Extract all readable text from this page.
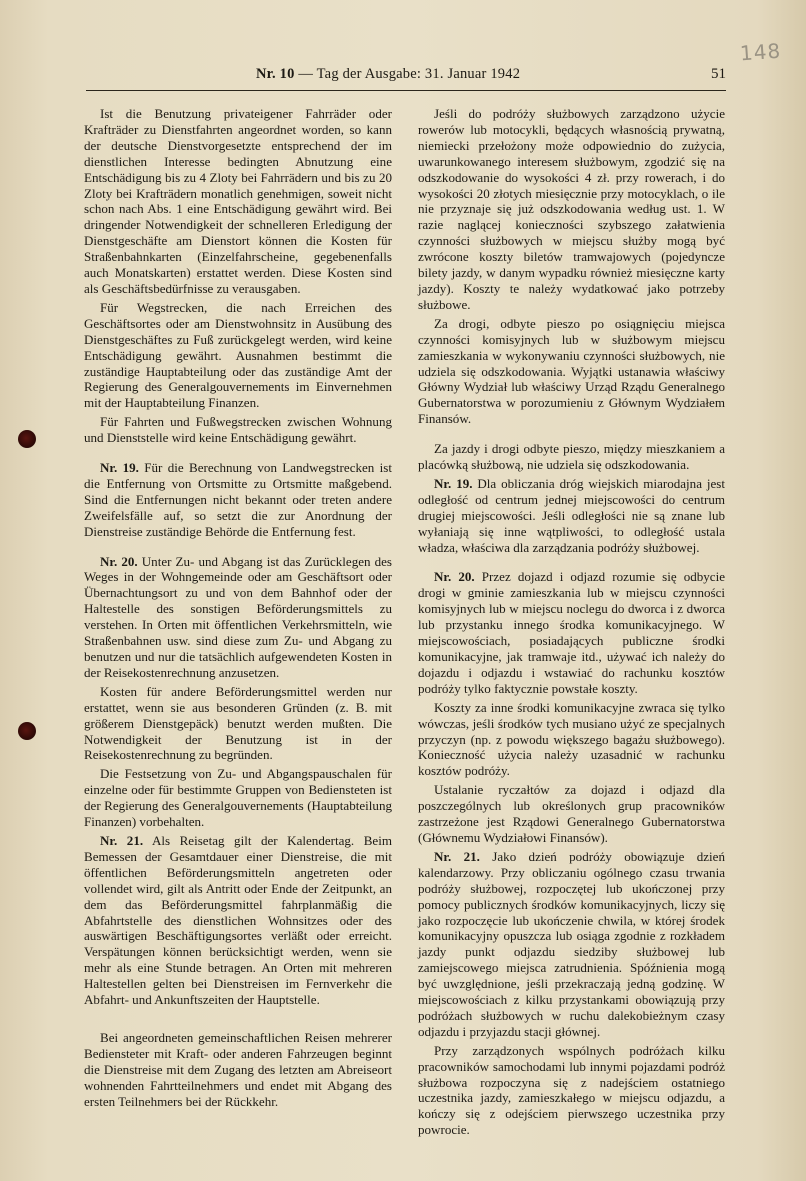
Nr. 10 — Tag der Ausgabe: 31. Januar 1942	51
148

Ist die Benutzung privateigener Fahrräder oder Krafträder zu Dienstfahrten angeordnet worden, so kann der deutsche Dienstvorgesetzte entsprechend der im dienstlichen Interesse bedingten Abnutzung eine Entschädigung bis zu 4 Zloty bei Fahrrädern und bis zu 20 Zloty bei Krafträdern monatlich genehmigen, soweit nicht schon nach Abs. 1 eine Entschädigung gewährt wird. Bei dringender Notwendigkeit der schnelleren Erledigung der Dienstgeschäfte am Dienstort können die Kosten für Straßenbahnkarten (Einzelfahrscheine, gegebenenfalls auch Monatskarten) erstattet werden. Diese Kosten sind als Geschäftsbedürfnisse zu verausgaben.

Für Wegstrecken, die nach Erreichen des Geschäftsortes oder am Dienstwohnsitz in Ausübung des Dienstgeschäftes zu Fuß zurückgelegt werden, wird keine Entschädigung gewährt. Ausnahmen bestimmt die zuständige Hauptabteilung oder das zuständige Amt der Regierung des Generalgouvernements im Einvernehmen mit der Hauptabteilung Finanzen.

Für Fahrten und Fußwegstrecken zwischen Wohnung und Dienststelle wird keine Entschädigung gewährt.

Nr. 19. Für die Berechnung von Landwegstrecken ist die Entfernung von Ortsmitte zu Ortsmitte maßgebend. Sind die Entfernungen nicht bekannt oder treten andere Zweifelsfälle auf, so setzt die zur Anordnung der Dienstreise zuständige Behörde die Entfernung fest.

Nr. 20. Unter Zu- und Abgang ist das Zurücklegen des Weges in der Wohngemeinde oder am Geschäftsort oder Übernachtungsort zu und von dem Bahnhof oder der Haltestelle des sonstigen Beförderungsmittels zu verstehen. In Orten mit öffentlichen Verkehrsmitteln, wie Straßenbahnen usw. sind diese zum Zu- und Abgang zu benutzen und nur die tatsächlich aufgewendeten Kosten in der Reisekostenrechnung anzusetzen.

Kosten für andere Beförderungsmittel werden nur erstattet, wenn sie aus besonderen Gründen (z. B. mit größerem Dienstgepäck) benutzt werden mußten. Die Notwendigkeit der Benutzung ist in der Reisekostenrechnung zu begründen.

Die Festsetzung von Zu- und Abgangspauschalen für einzelne oder für bestimmte Gruppen von Bediensteten ist der Regierung des Generalgouvernements (Hauptabteilung Finanzen) vorbehalten.

Nr. 21. Als Reisetag gilt der Kalendertag. Beim Bemessen der Gesamtdauer einer Dienstreise, die mit öffentlichen Beförderungsmitteln angetreten oder vollendet wird, gilt als Antritt oder Ende der Zeitpunkt, an dem das Beförderungsmittel fahrplanmäßig die Abfahrtstelle des dienstlichen Wohnsitzes oder des auswärtigen Beschäftigungsortes verläßt oder erreicht. Verspätungen können berücksichtigt werden, wenn sie mehr als eine Stunde betragen. An Orten mit mehreren Haltestellen gelten bei Dienstreisen im Fernverkehr die Abfahrt- und Ankunftszeiten der Hauptstelle.

Bei angeordneten gemeinschaftlichen Reisen mehrerer Bediensteter mit Kraft- oder anderen Fahrzeugen beginnt die Dienstreise mit dem Zugang des letzten am Abreiseort wohnenden Fahrtteilnehmers und endet mit Abgang des ersten Teilnehmers bei der Rückkehr.

Jeśli do podróży służbowych zarządzono użycie rowerów lub motocykli, będących własnością prywatną, niemiecki przełożony może odpowiednio do zużycia, uwarunkowanego interesem służbowym, zgodzić się na odszkodowanie do wysokości 4 zł. przy rowerach, i do wysokości 20 złotych miesięcznie przy motocyklach, o ile nie przyznaje się już odszkodowania według ust. 1. W razie naglącej konieczności szybszego załatwienia czynności służbowych w miejscu służby mogą być zwrócone koszty biletów tramwajowych (pojedyncze bilety jazdy, w danym wypadku również miesięczne karty jazdy). Koszty te należy wydatkować jako potrzeby służbowe.

Za drogi, odbyte pieszo po osiągnięciu miejsca czynności komisyjnych lub w służbowym miejscu zamieszkania w wykonywaniu czynności służbowych, nie udziela się odszkodowania. Wyjątki ustanawia właściwy Główny Wydział lub właściwy Urząd Rządu Generalnego Gubernatorstwa w porozumieniu z Głównym Wydziałem Finansów.

Za jazdy i drogi odbyte pieszo, między mieszkaniem a placówką służbową, nie udziela się odszkodowania.

Nr. 19. Dla obliczania dróg wiejskich miarodajna jest odległość od centrum jednej miejscowości do centrum drugiej miejscowości. Jeśli odległości nie są znane lub wyłaniają się inne wątpliwości, to odległość ustala władza, właściwa dla zarządzania podróży służbowej.

Nr. 20. Przez dojazd i odjazd rozumie się odbycie drogi w gminie zamieszkania lub w miejscu czynności komisyjnych lub w miejscu noclegu do dworca i z dworca lub przystanku innego środka komunikacyjnego. W miejscowościach, posiadających publiczne środki komunikacyjne, jak tramwaje itd., używać ich należy do dojazdu i odjazdu i wstawiać do rachunku kosztów podróży tylko faktycznie powstałe koszty.

Koszty za inne środki komunikacyjne zwraca się tylko wówczas, jeśli środków tych musiano użyć ze specjalnych przyczyn (np. z powodu większego bagażu służbowego). Konieczność użycia należy uzasadnić w rachunku kosztów podróży.

Ustalanie ryczałtów za dojazd i odjazd dla poszczególnych lub określonych grup pracowników zastrzeżone jest Rządowi Generalnego Gubernatorstwa (Głównemu Wydziałowi Finansów).

Nr. 21. Jako dzień podróży obowiązuje dzień kalendarzowy. Przy obliczaniu ogólnego czasu trwania podróży służbowej, rozpoczętej lub ukończonej przy pomocy publicznych środków komunikacyjnych, liczy się jako rozpoczęcie lub ukończenie chwila, w której środek komunikacyjny opuszcza lub osiąga zgodnie z rozkładem jazdy punkt odjazdu siedziby służbowej lub zamiejscowego miejsca zatrudnienia. Spóźnienia mogą być uwzględnione, jeśli przekraczają jedną godzinę. W miejscowościach z kilku przystankami obowiązują przy podróżach służbowych w ruchu dalekobieżnym czasy odjazdu i przyjazdu stacji głównej.

Przy zarządzonych wspólnych podróżach kilku pracowników samochodami lub innymi pojazdami podróż służbowa rozpoczyna się z nadejściem ostatniego uczestnika jazdy, zamieszkałego w miejscu odjazdu, a kończy się z odejściem pierwszego uczestnika przy powrocie.
